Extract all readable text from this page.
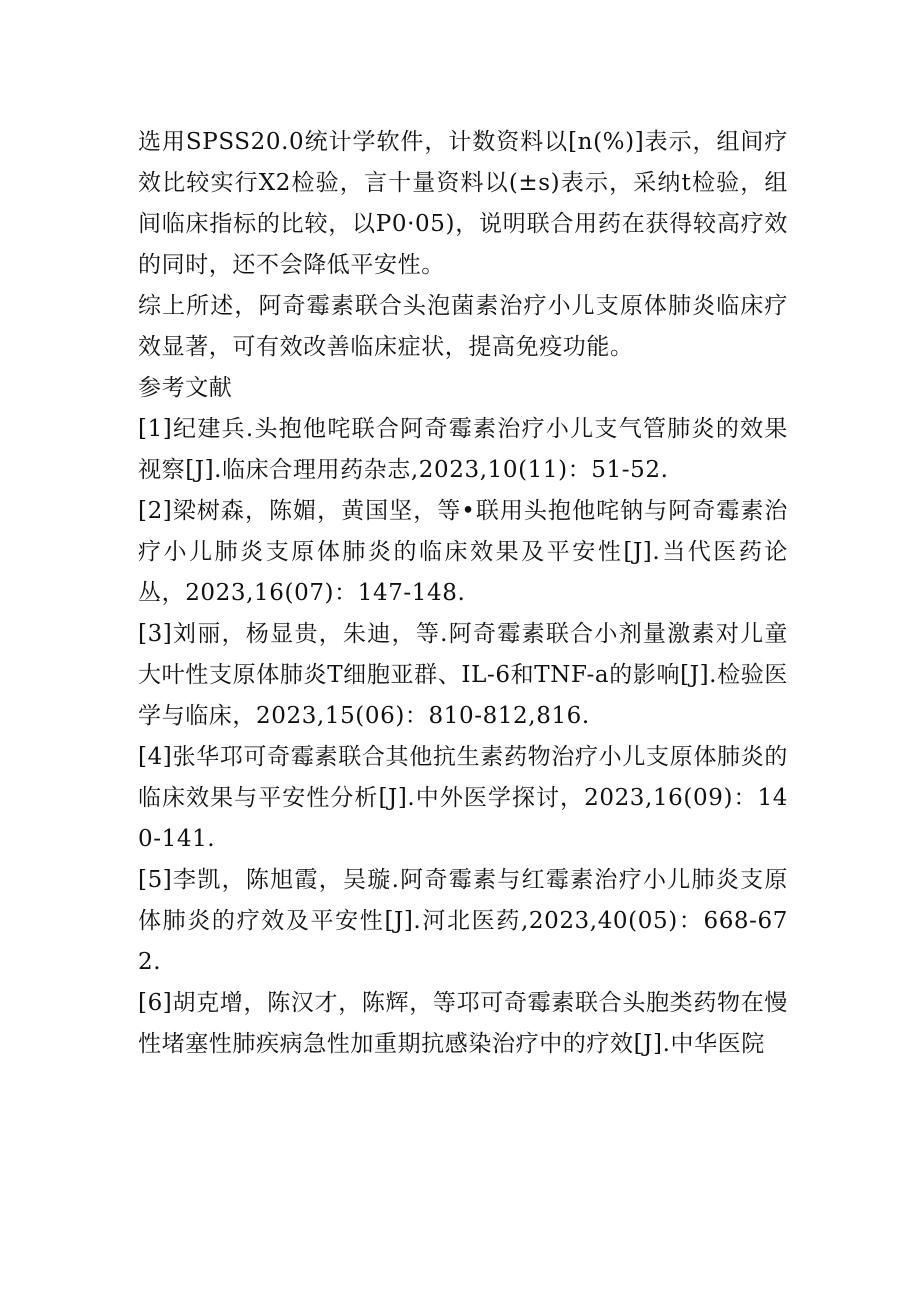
选用SPSS20.0统计学软件，计数资料以[n(%)]表示，组间疗效比较实行X2检验，言十量资料以(±s)表示，采纳t检验，组间临床指标的比较，以P0·05)，说明联合用药在获得较高疗效的同时，还不会降低平安性。

综上所述，阿奇霉素联合头泡菌素治疗小儿支原体肺炎临床疗效显著，可有效改善临床症状，提高免疫功能。

参考文献

[1]纪建兵.头抱他咤联合阿奇霉素治疗小儿支气管肺炎的效果视察[J].临床合理用药杂志,2023,10(11)：51-52.

[2]梁树森，陈媚，黄国坚，等•联用头抱他咤钠与阿奇霉素治疗小儿肺炎支原体肺炎的临床效果及平安性[J].当代医药论丛，2023,16(07)：147-148.

[3]刘丽，杨显贵，朱迪，等.阿奇霉素联合小剂量激素对儿童大叶性支原体肺炎T细胞亚群、IL-6和TNF-a的影响[J].检验医学与临床，2023,15(06)：810-812,816.

[4]张华邛可奇霉素联合其他抗生素药物治疗小儿支原体肺炎的临床效果与平安性分析[J].中外医学探讨，2023,16(09)：140-141.

[5]李凯，陈旭霞，吴璇.阿奇霉素与红霉素治疗小儿肺炎支原体肺炎的疗效及平安性[J].河北医药,2023,40(05)：668-672.

[6]胡克增，陈汉才，陈辉，等邛可奇霉素联合头胞类药物在慢性堵塞性肺疾病急性加重期抗感染治疗中的疗效[J].中华医院
